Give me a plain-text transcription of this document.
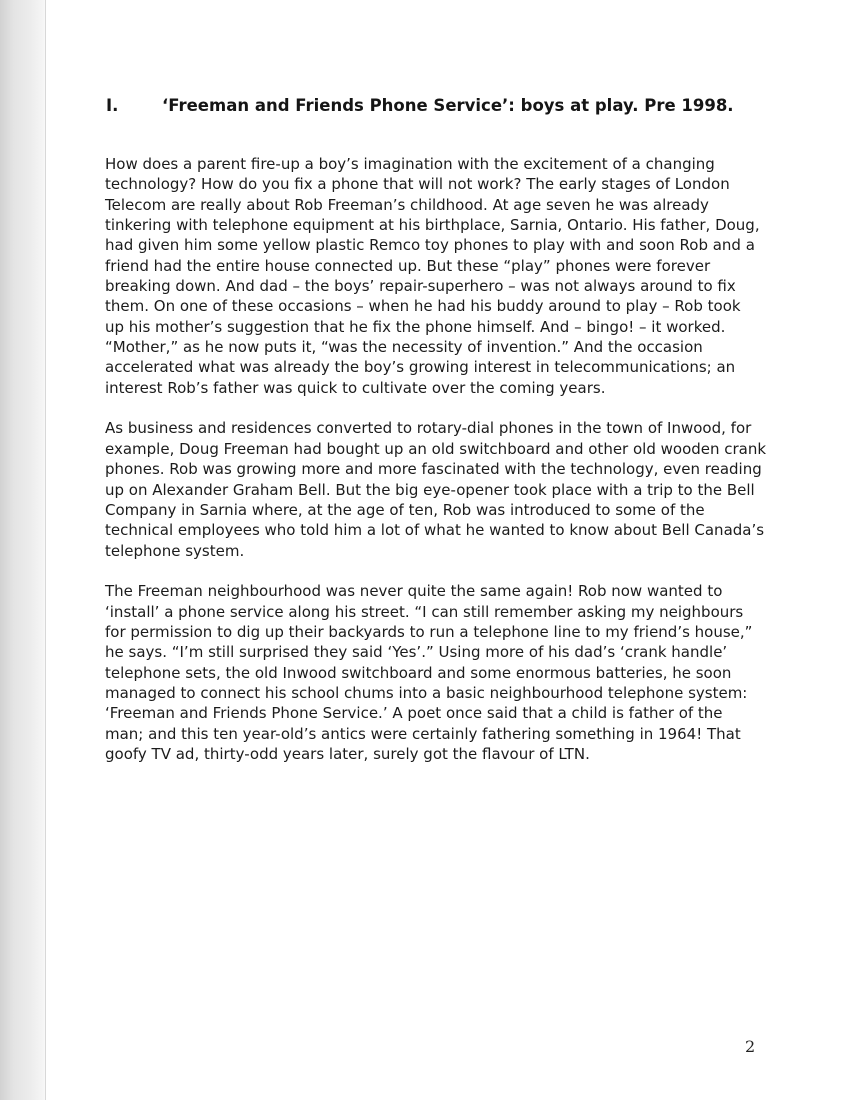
I.	‘Freeman and Friends Phone Service’: boys at play. Pre 1998.
How does a parent fire-up a boy’s imagination with the excitement of a changing
technology? How do you fix a phone that will not work? The early stages of London
Telecom are really about Rob Freeman’s childhood. At age seven he was already
tinkering with telephone equipment at his birthplace, Sarnia, Ontario. His father, Doug,
had given him some yellow plastic Remco toy phones to play with and soon Rob and a
friend had the entire house connected up. But these “play” phones were forever
breaking down. And dad – the boys’ repair-superhero – was not always around to fix
them. On one of these occasions – when he had his buddy around to play – Rob took
up his mother’s suggestion that he fix the phone himself. And – bingo! – it worked.
“Mother,” as he now puts it, “was the necessity of invention.” And the occasion
accelerated what was already the boy’s growing interest in telecommunications; an
interest Rob’s father was quick to cultivate over the coming years.
As business and residences converted to rotary-dial phones in the town of Inwood, for
example, Doug Freeman had bought up an old switchboard and other old wooden crank
phones. Rob was growing more and more fascinated with the technology, even reading
up on Alexander Graham Bell. But the big eye-opener took place with a trip to the Bell
Company in Sarnia where, at the age of ten, Rob was introduced to some of the
technical employees who told him a lot of what he wanted to know about Bell Canada’s
telephone system.
The Freeman neighbourhood was never quite the same again! Rob now wanted to
‘install’ a phone service along his street. “I can still remember asking my neighbours
for permission to dig up their backyards to run a telephone line to my friend’s house,”
he says. “I’m still surprised they said ‘Yes’.” Using more of his dad’s ‘crank handle’
telephone sets, the old Inwood switchboard and some enormous batteries, he soon
managed to connect his school chums into a basic neighbourhood telephone system:
‘Freeman and Friends Phone Service.’ A poet once said that a child is father of the
man; and this ten year-old’s antics were certainly fathering something in 1964! That
goofy TV ad, thirty-odd years later, surely got the flavour of LTN.
2
